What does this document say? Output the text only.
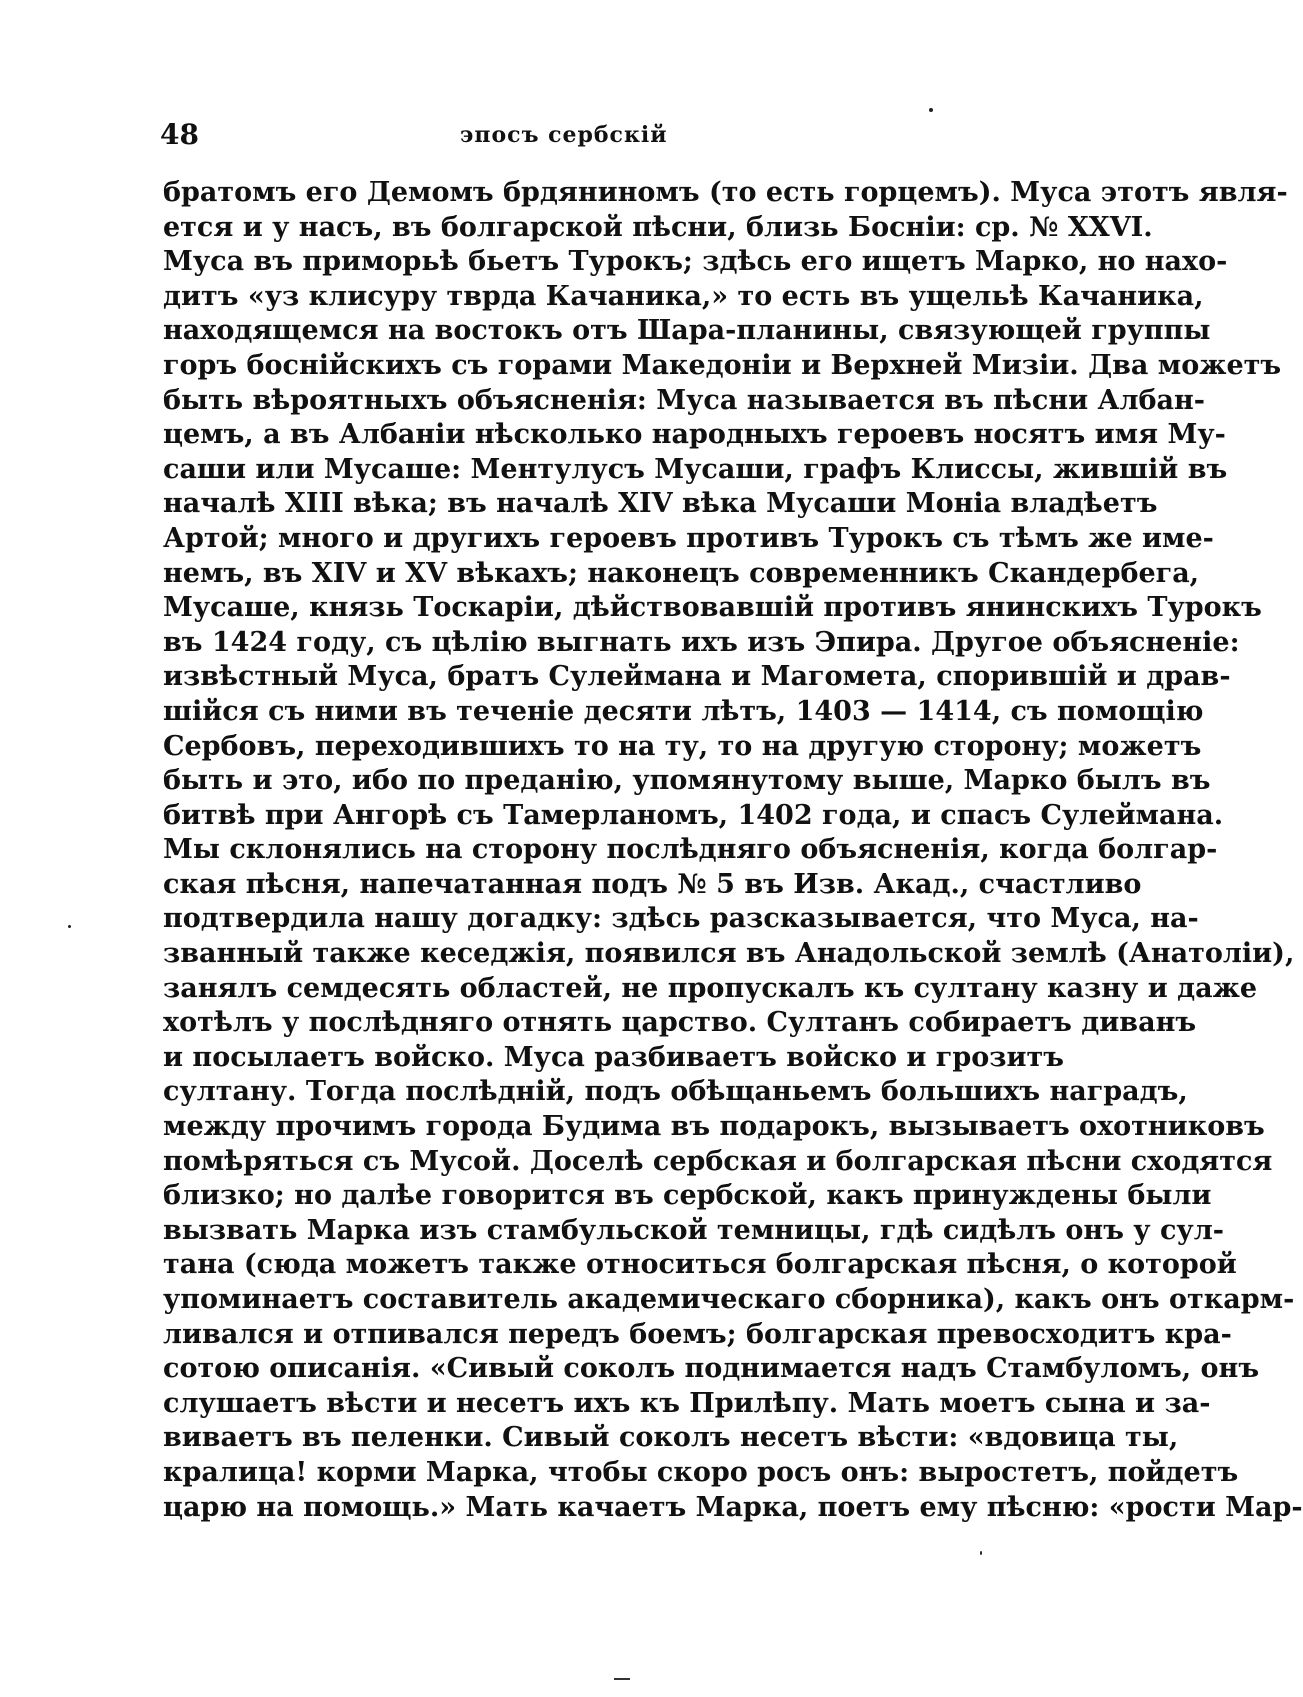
48	эпосъ сербскій
братомъ его Демомъ брдяниномъ (то есть горцемъ). Муса этотъ явля-
ется и у насъ, въ болгарской пѣсни, близь Босніи: ср. № XXVI.
Муса въ приморьѣ бьетъ Турокъ; здѣсь его ищетъ Марко, но нахо-
дитъ «уз клисуру тврда Качаника,» то есть въ ущельѣ Качаника,
находящемся на востокъ отъ Шара-планины, связующей группы
горъ боснійскихъ съ горами Македоніи и Верхней Мизіи. Два можетъ
быть вѣроятныхъ объясненія: Муса называется въ пѣсни Албан-
цемъ, а въ Албаніи нѣсколько народныхъ героевъ носятъ имя Му-
саши или Мусаше: Ментулусъ Мусаши, графъ Клиссы, жившій въ
началѣ XIII вѣка; въ началѣ XIV вѣка Мусаши Моніа владѣетъ
Артой; много и другихъ героевъ противъ Турокъ съ тѣмъ же име-
немъ, въ XIV и XV вѣкахъ; наконецъ современникъ Скандербега,
Мусаше, князь Тоскаріи, дѣйствовавшій противъ янинскихъ Турокъ
въ 1424 году, съ цѣлію выгнать ихъ изъ Эпира. Другое объясненіе:
извѣстный Муса, братъ Сулеймана и Магомета, спорившій и драв-
шійся съ ними въ теченіе десяти лѣтъ, 1403 — 1414, съ помощію
Сербовъ, переходившихъ то на ту, то на другую сторону; можетъ
быть и это, ибо по преданію, упомянутому выше, Марко былъ въ
битвѣ при Ангорѣ съ Тамерланомъ, 1402 года, и спасъ Сулеймана.
Мы склонялись на сторону послѣдняго объясненія, когда болгар-
ская пѣсня, напечатанная подъ № 5 въ Изв. Акад., счастливо
подтвердила нашу догадку: здѣсь разсказывается, что Муса, на-
званный также кеседжія, появился въ Анадольской землѣ (Анатоліи),
занялъ семдесять областей, не пропускалъ къ султану казну и даже
хотѣлъ у послѣдняго отнять царство. Султанъ собираетъ диванъ
и посылаетъ войско. Муса разбиваетъ войско и грозитъ
султану. Тогда послѣдній, подъ обѣщаньемъ большихъ наградъ,
между прочимъ города Будима въ подарокъ, вызываетъ охотниковъ
помѣряться съ Мусой. Доселѣ сербская и болгарская пѣсни сходятся
близко; но далѣе говорится въ сербской, какъ принуждены были
вызвать Марка изъ стамбульской темницы, гдѣ сидѣлъ онъ у сул-
тана (сюда можетъ также относиться болгарская пѣсня, о которой
упоминаетъ составитель академическаго сборника), какъ онъ откарм-
ливался и отпивался передъ боемъ; болгарская превосходитъ кра-
сотою описанія. «Сивый соколъ поднимается надъ Стамбуломъ, онъ
слушаетъ вѣсти и несетъ ихъ къ Прилѣпу. Мать моетъ сына и за-
виваетъ въ пеленки. Сивый соколъ несетъ вѣсти: «вдовица ты,
кралица! корми Марка, чтобы скоро росъ онъ: выростетъ, пойдетъ
царю на помощь.» Мать качаетъ Марка, поетъ ему пѣсню: «рости Мар-
